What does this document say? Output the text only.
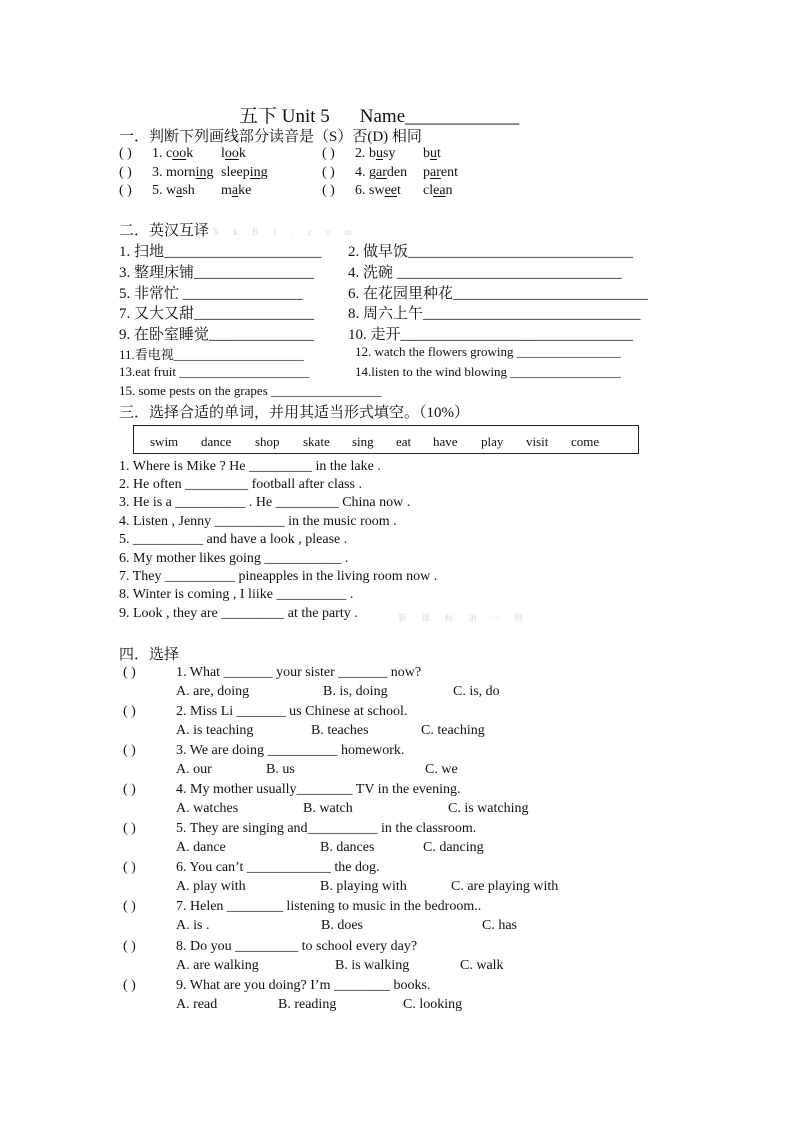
五下 Unit 5 Name____________
一．判断下列画线部分读音是（S）否(D) 相同
( ) 1. cook look	( ) 2. busy but
( ) 3. morning sleeping	( ) 4. garden parent
( ) 5. wash make	( ) 6. sweet clean
二．英汉互译 X k B 1 . c o m
1. 扫地_____________________ 2. 做早饭______________________________
3. 整理床铺________________ 4. 洗碗 ______________________________
5. 非常忙 ________________	6. 在花园里种花__________________________
7. 又大又甜________________ 8. 周六上午_____________________________
9. 在卧室睡觉______________ 10. 走开_______________________________
11.看电视____________________	12. watch the flowers growing ________________
13.eat fruit ____________________	14.listen to the wind blowing _________________
15. some pests on the grapes _________________
三．选择合适的单词，并用其适当形式填空。（10%）
swim dance shop skate sing eat have play visit come
1. Where is Mike ? He _________ in the lake .
2. He often _________ football after class .
3. He is a __________ . He _________ China now .
4. Listen , Jenny __________ in the music room .
5. __________ and have a look , please .
6. My mother likes going ___________ .
7. They __________ pineapples in the living room now .
8. Winter is coming , I liike __________ .
9. Look , they are _________ at the party .	新 课 标 第 一 网
四．选择
( )	1. What _______ your sister _______ now?
A. are, doing	B. is, doing	C. is, do
( )	2. Miss Li _______ us Chinese at school.
A. is teaching	B. teaches	C. teaching
( )	3. We are doing __________ homework.
A. our	B. us	C. we
( )	4. My mother usually________ TV in the evening.
A. watches	B. watch	C. is watching
( )	5. They are singing and__________ in the classroom.
A. dance	B. dances	C. dancing
( )	6. You can’t ____________ the dog.
A. play with	B. playing with	C. are playing with
( )	7. Helen ________ listening to music in the bedroom..
A. is .	B. does	C. has
( )	8. Do you _________ to school every day?
A. are walking	B. is walking	C. walk
( )	9. What are you doing? I’m ________ books.
A. read	B. reading	C. looking
